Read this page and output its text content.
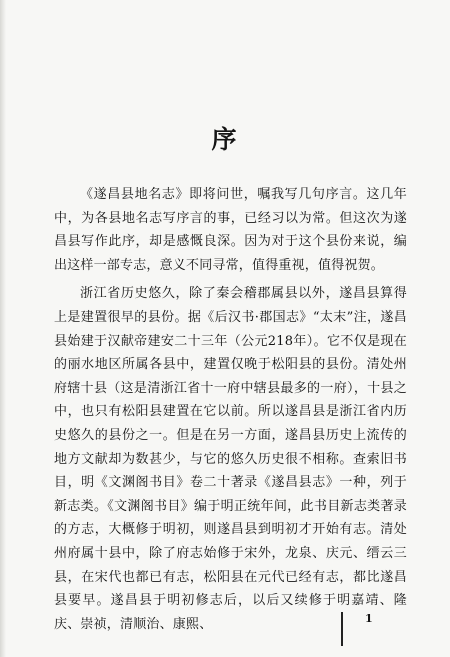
序

《遂昌县地名志》即将问世，嘱我写几句序言。这几年中，为各县地名志写序言的事，已经习以为常。但这次为遂昌县写作此序，却是感慨良深。因为对于这个县份来说，编出这样一部专志，意义不同寻常，值得重视，值得祝贺。

浙江省历史悠久，除了秦会稽郡属县以外，遂昌县算得上是建置很早的县份。据《后汉书·郡国志》“太末”注，遂昌县始建于汉献帝建安二十三年（公元218年）。它不仅是现在的丽水地区所属各县中，建置仅晚于松阳县的县份。清处州府辖十县（这是清浙江省十一府中辖县最多的一府），十县之中，也只有松阳县建置在它以前。所以遂昌县是浙江省内历史悠久的县份之一。但是在另一方面，遂昌县历史上流传的地方文献却为数甚少，与它的悠久历史很不相称。查索旧书目，明《文渊阁书目》卷二十著录《遂昌县志》一种，列于新志类。《文渊阁书目》编于明正统年间，此书目新志类著录的方志，大概修于明初，则遂昌县到明初才开始有志。清处州府属十县中，除了府志始修于宋外，龙泉、庆元、缙云三县，在宋代也都已有志，松阳县在元代已经有志，都比遂昌县要早。遂昌县于明初修志后，以后又续修于明嘉靖、隆庆、崇祯，清顺治、康熙、	1
